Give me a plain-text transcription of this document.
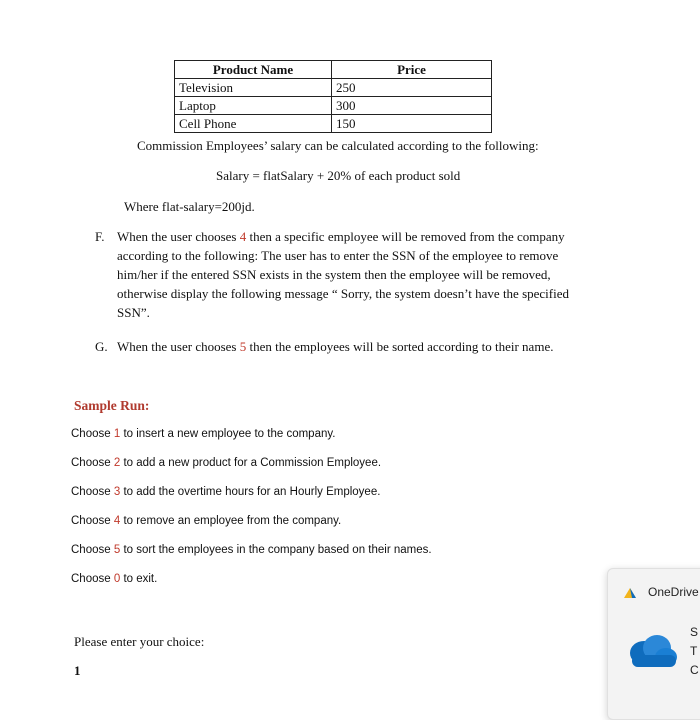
Product Name	Price
Television	250
Laptop	300
Cell Phone	150
Commission Employees’ salary can be calculated according to the following:
Salary = flatSalary + 20% of each product sold
Where flat-salary=200jd.
F. When the user chooses 4 then a specific employee will be removed from the company
according to the following: The user has to enter the SSN of the employee to remove
him/her if the entered SSN exists in the system then the employee will be removed,
otherwise display the following message “ Sorry, the system doesn’t have the specified
SSN”.
G. When the user chooses 5 then the employees will be sorted according to their name.
Sample Run:
Choose 1 to insert a new employee to the company.
Choose 2 to add a new product for a Commission Employee.
Choose 3 to add the overtime hours for an Hourly Employee.
Choose 4 to remove an employee from the company.
Choose 5 to sort the employees in the company based on their names.
Choose 0 to exit.
Please enter your choice:
1
OneDrive
S
T
C
